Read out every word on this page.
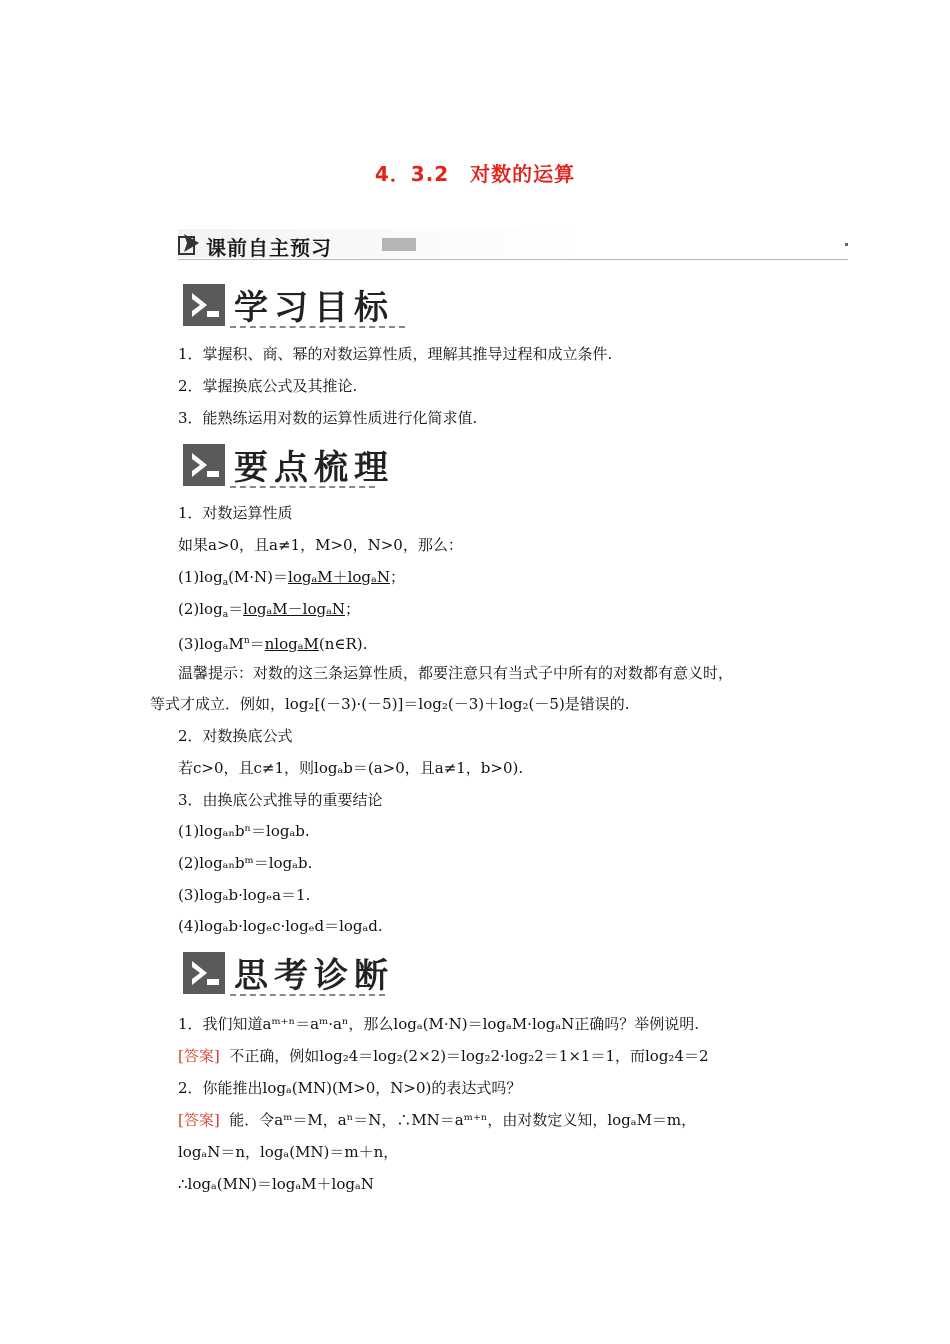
4．3.2　对数的运算
课前自主预习
学习目标
1．掌握积、商、幂的对数运算性质，理解其推导过程和成立条件.
2．掌握换底公式及其推论.
3．能熟练运用对数的运算性质进行化简求值.
要点梳理
1．对数运算性质
如果a>0，且a≠1，M>0，N>0，那么：
$(1)\log_a(M\cdot N)=\log_aM+\log_aN$；
$(2)\log_a=\log_aM-\log_aN$；
(3)logₐM$^n$＝nlogₐM(n∈R).
温馨提示：对数的这三条运算性质，都要注意只有当式子中所有的对数都有意义时，
等式才成立．例如，log₂[(－3)·(－5)]＝log₂(－3)＋log₂(－5)是错误的.
2．对数换底公式
若c>0，且c≠1，则logₐb＝(a>0，且a≠1，b>0).
3．由换底公式推导的重要结论
(1)logₐₙbⁿ＝logₐb.
(2)logₐₙbᵐ＝logₐb.
(3)logₐb·logₑa＝1.
(4)logₐb·logₑc·logₑd＝logₐd.
思考诊断
1．我们知道aᵐ⁺ⁿ＝aᵐ·aⁿ，那么logₐ(M·N)＝logₐM·logₐN正确吗？举例说明.
[答案] 不正确，例如log₂4＝log₂(2×2)＝log₂2·log₂2＝1×1＝1，而log₂4＝2
2．你能推出logₐ(MN)(M>0，N>0)的表达式吗？
[答案] 能．令aᵐ＝M，aⁿ＝N，∴MN＝aᵐ⁺ⁿ，由对数定义知，logₐM＝m，
logₐN＝n，logₐ(MN)＝m＋n，
∴logₐ(MN)＝logₐM＋logₐN
